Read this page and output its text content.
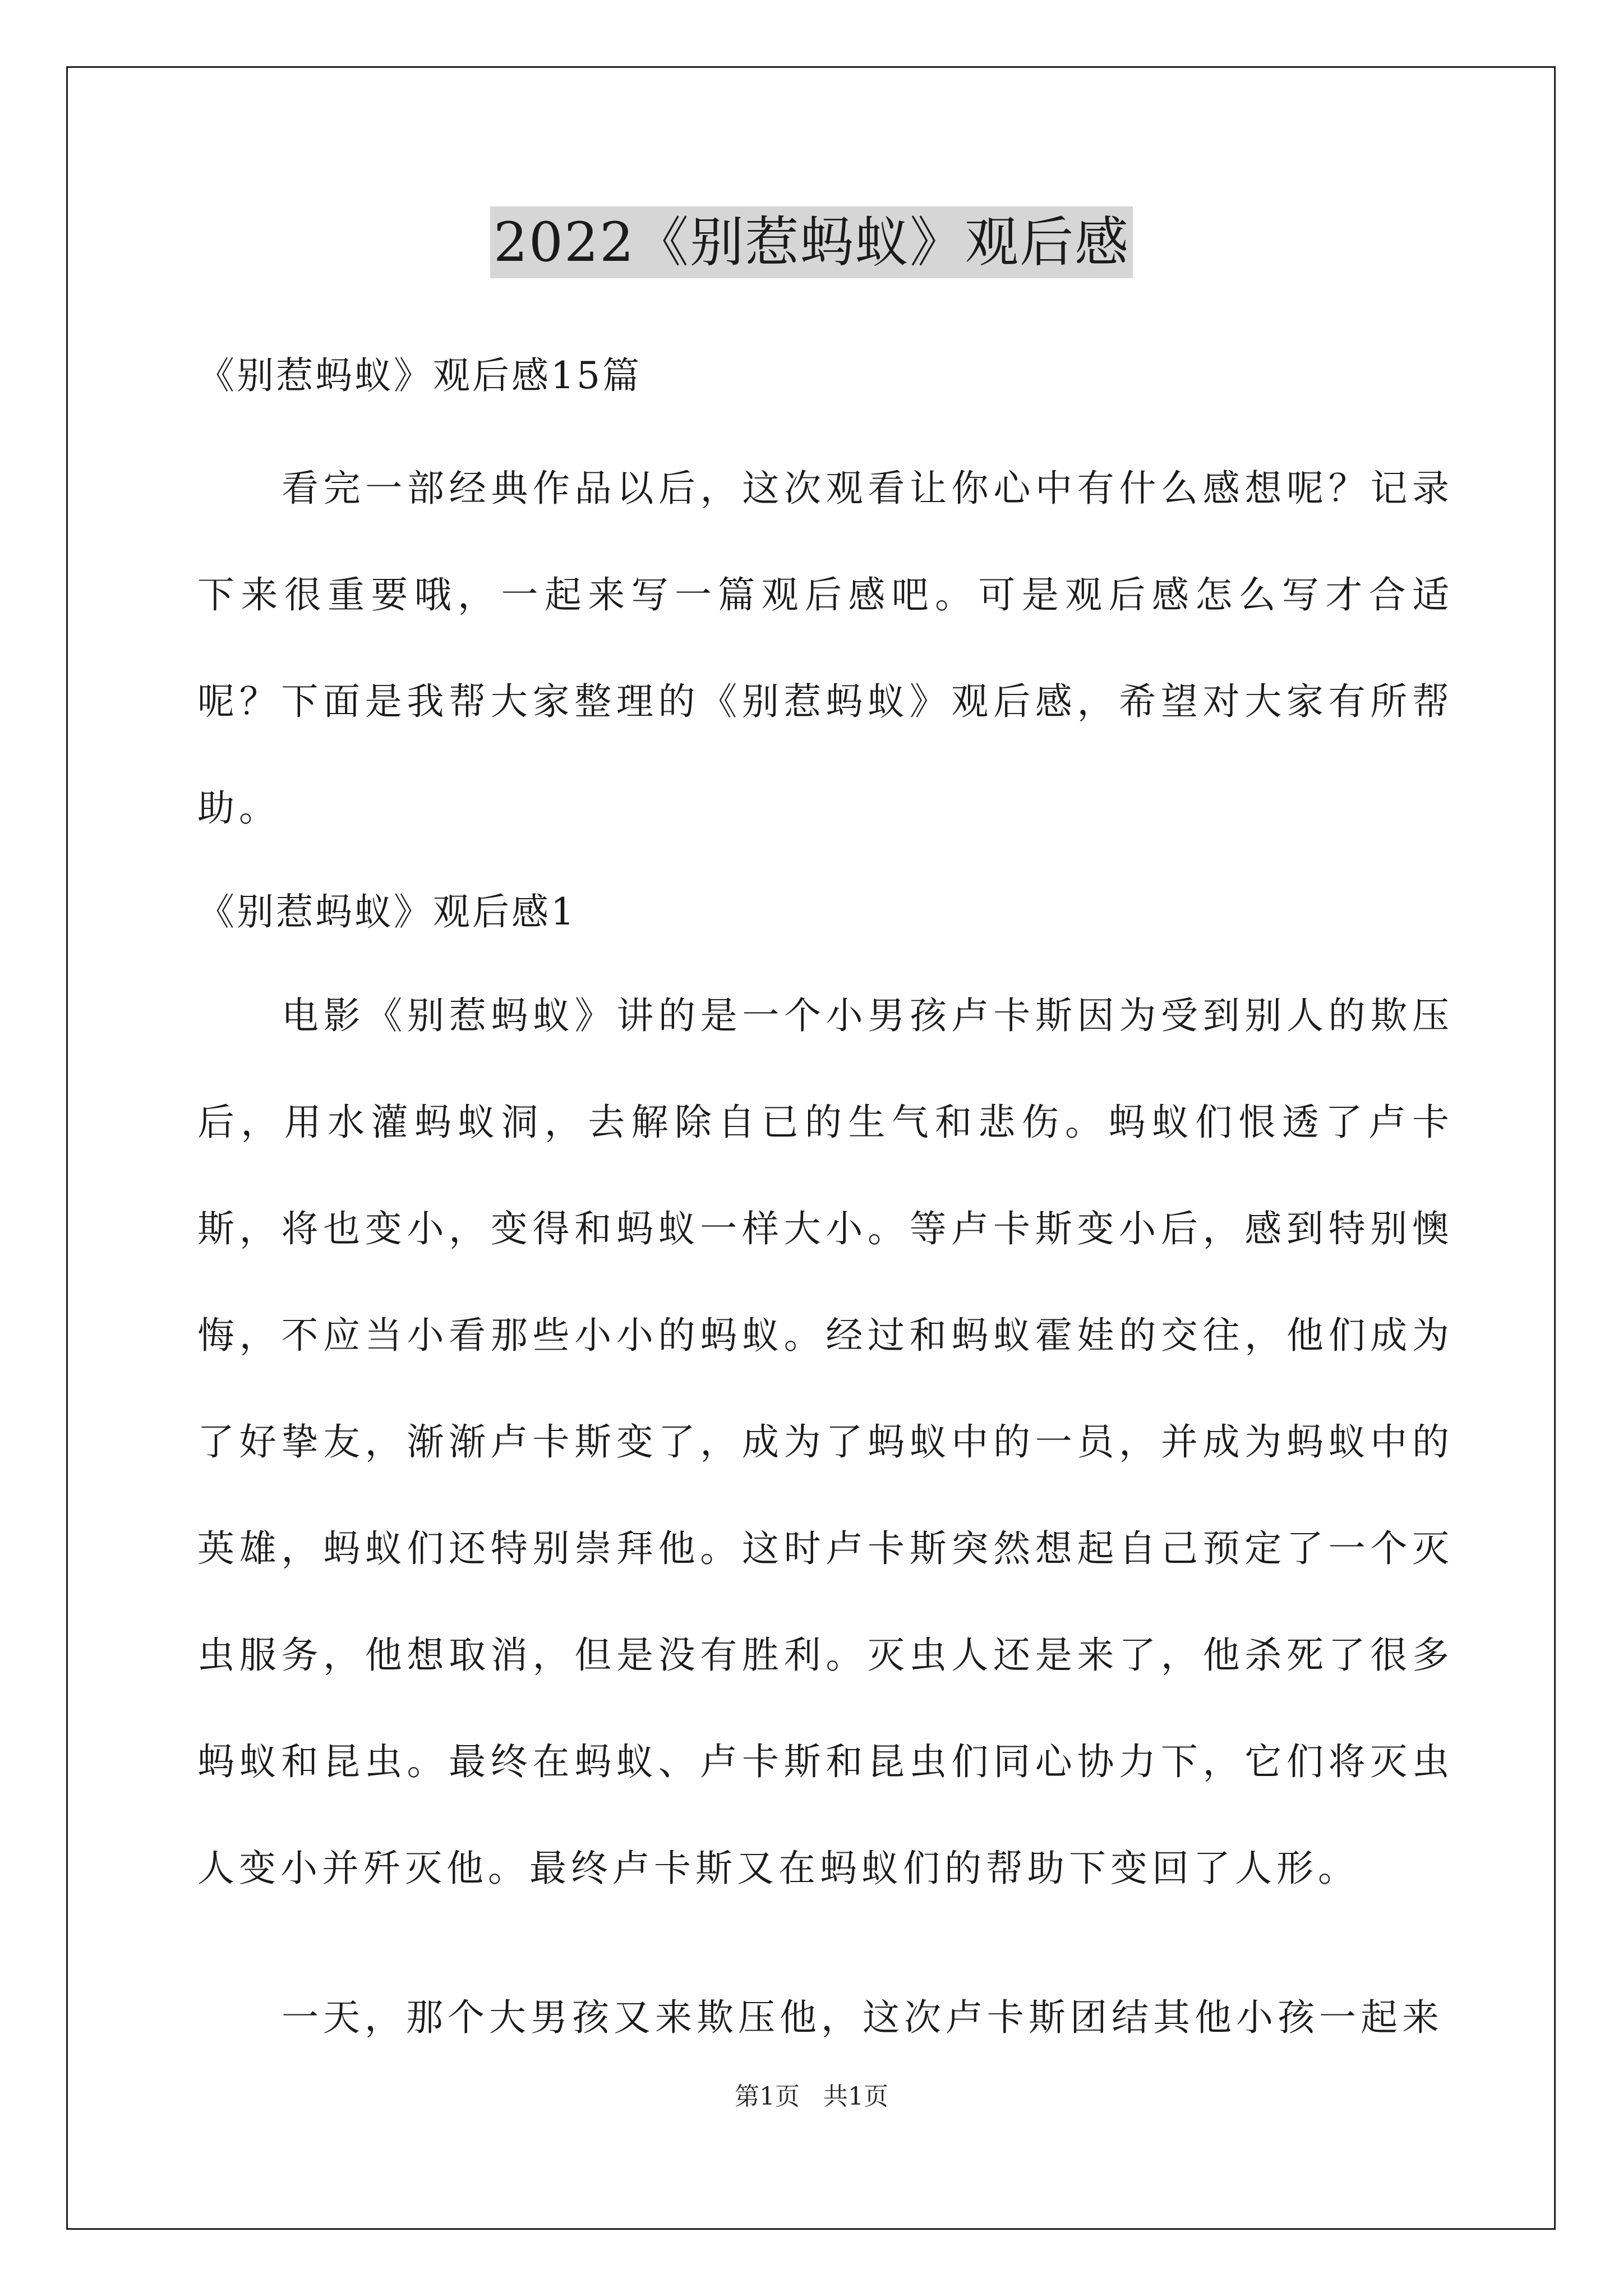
2022《别惹蚂蚁》观后感
《别惹蚂蚁》观后感15篇

看完一部经典作品以后，这次观看让你心中有什么感想呢？记录下来很重要哦，一起来写一篇观后感吧。可是观后感怎么写才合适呢？下面是我帮大家整理的《别惹蚂蚁》观后感，希望对大家有所帮助。

《别惹蚂蚁》观后感1

电影《别惹蚂蚁》讲的是一个小男孩卢卡斯因为受到别人的欺压后，用水灌蚂蚁洞，去解除自已的生气和悲伤。蚂蚁们恨透了卢卡斯，将也变小，变得和蚂蚁一样大小。等卢卡斯变小后，感到特别懊悔，不应当小看那些小小的蚂蚁。经过和蚂蚁霍娃的交往，他们成为了好挚友，渐渐卢卡斯变了，成为了蚂蚁中的一员，并成为蚂蚁中的英雄，蚂蚁们还特别崇拜他。这时卢卡斯突然想起自己预定了一个灭虫服务，他想取消，但是没有胜利。灭虫人还是来了，他杀死了很多蚂蚁和昆虫。最终在蚂蚁、卢卡斯和昆虫们同心协力下，它们将灭虫人变小并歼灭他。最终卢卡斯又在蚂蚁们的帮助下变回了人形。

一天，那个大男孩又来欺压他，这次卢卡斯团结其他小孩一起来

第1页 共1页
